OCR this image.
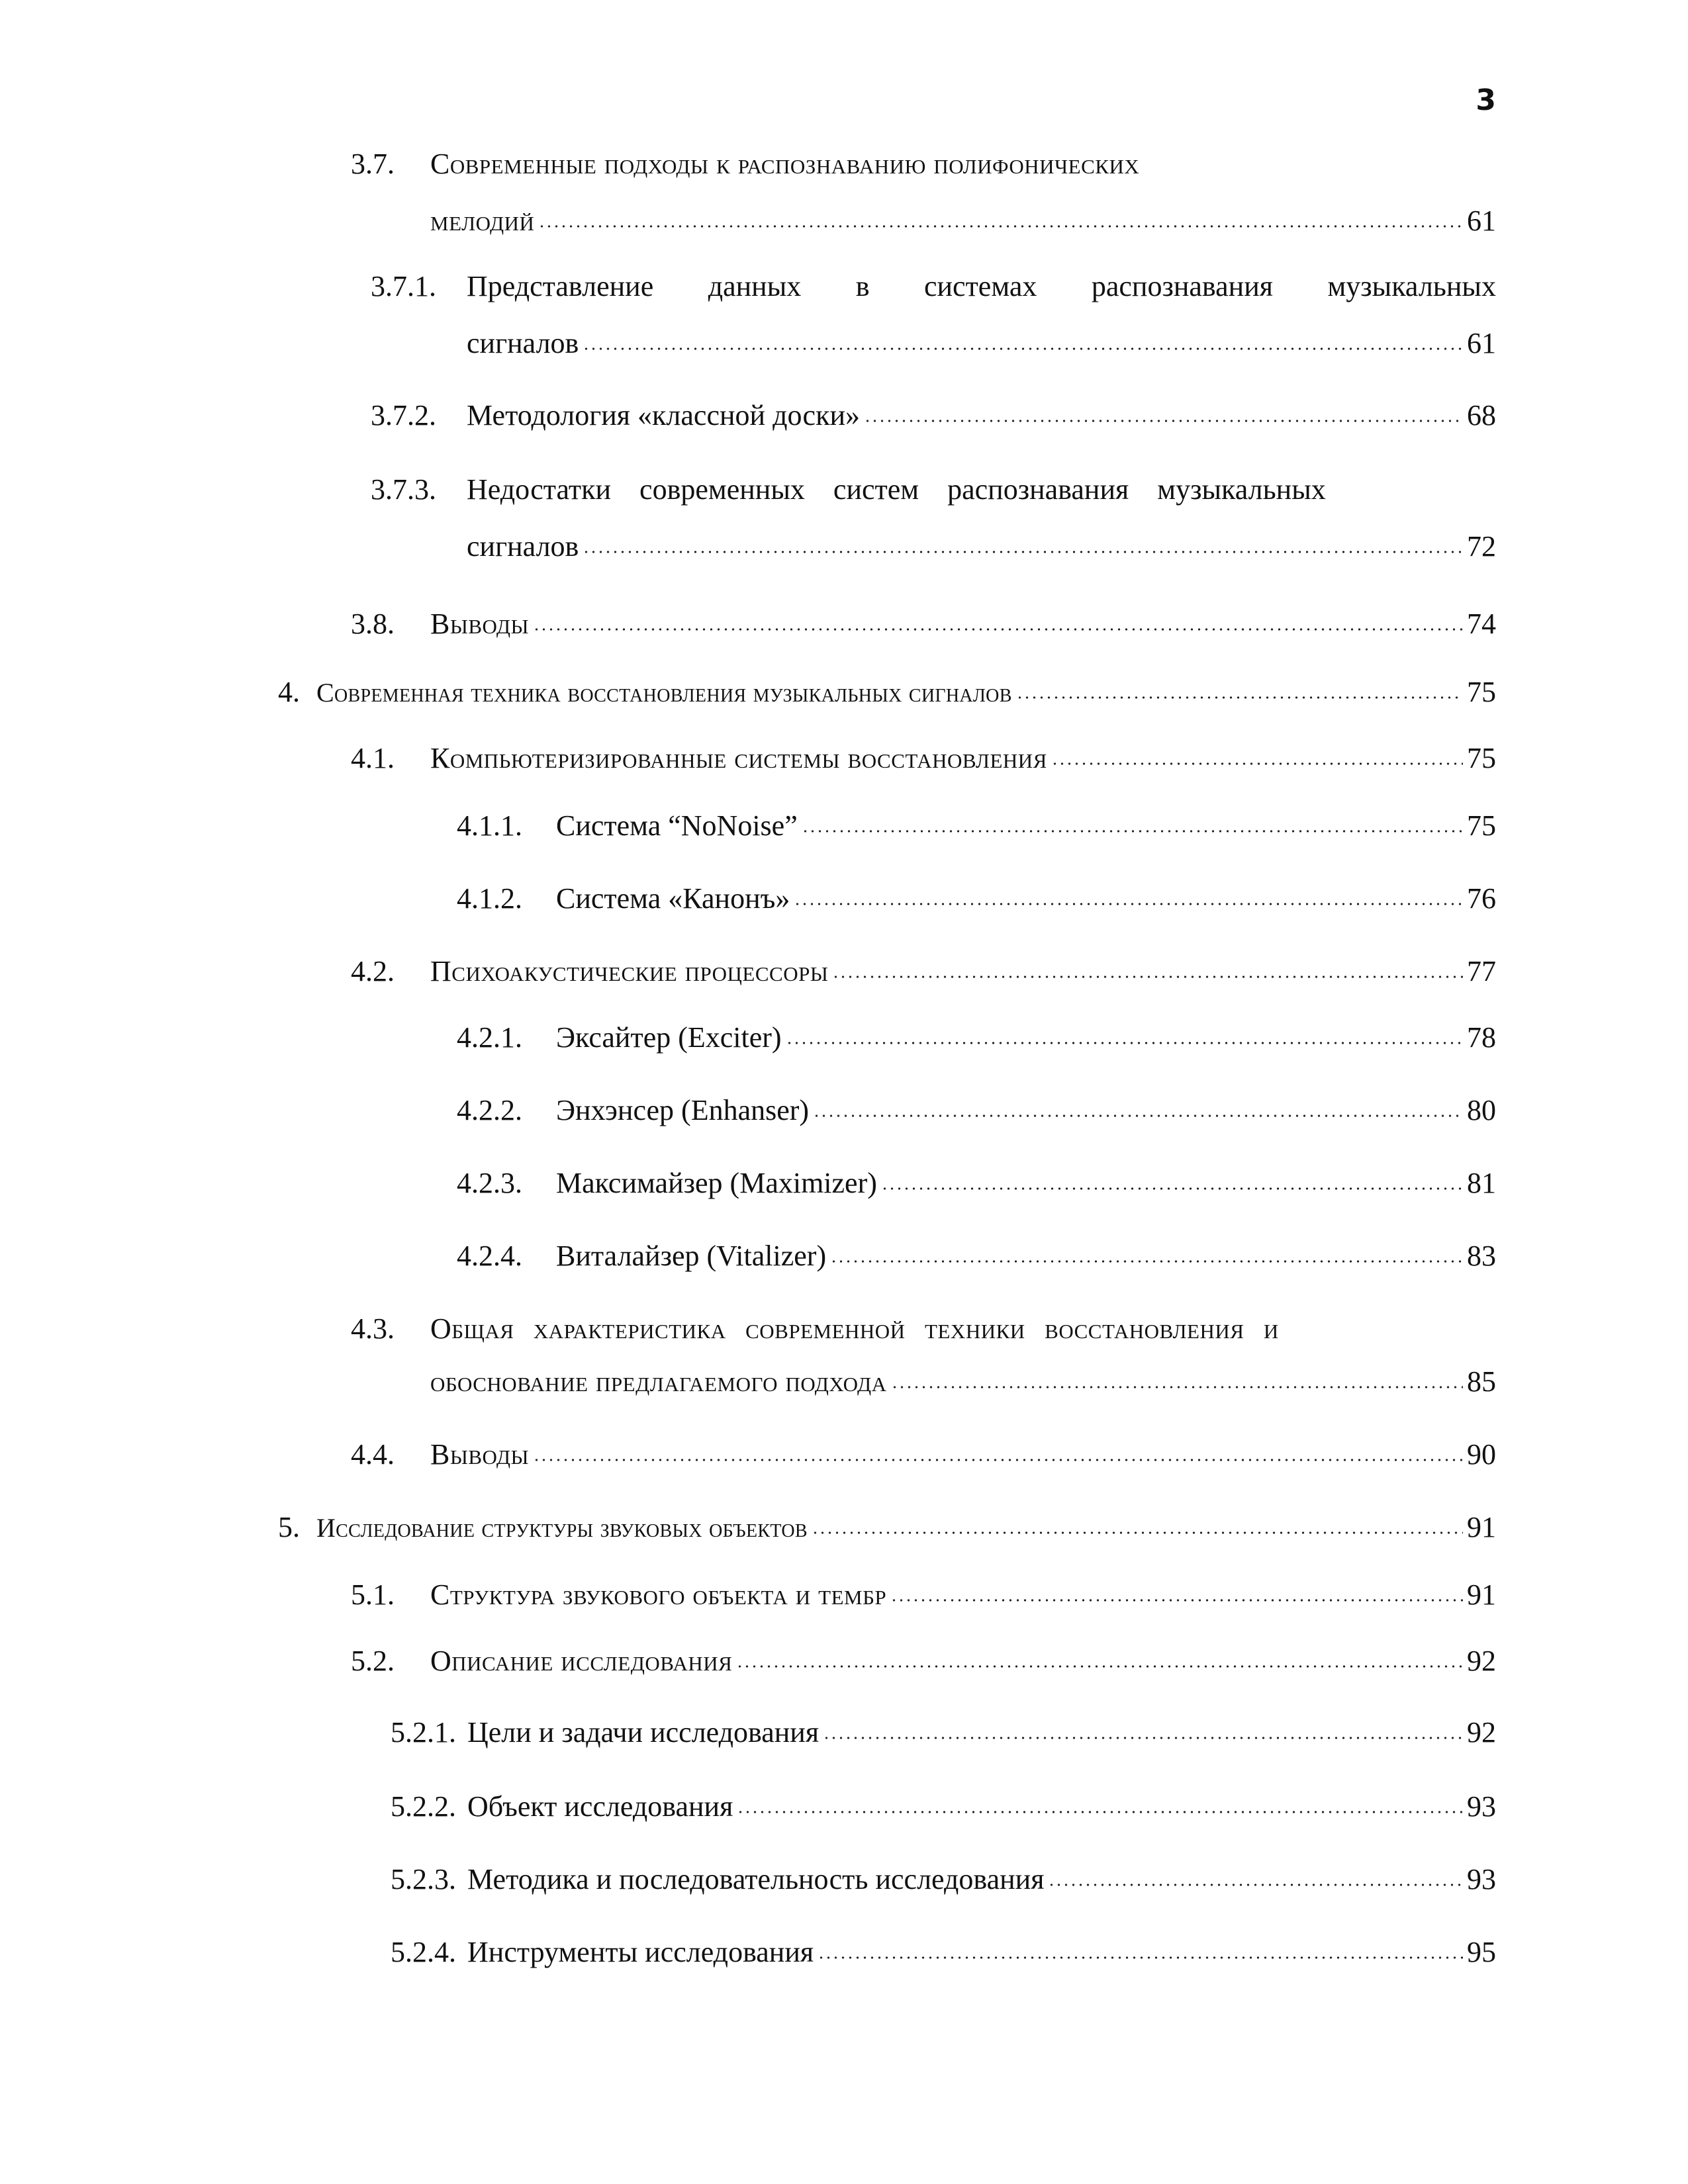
3
3.7. Современные подходы к распознаванию полифонических
мелодий	61
3.7.1. Представление данных в системах распознавания музыкальных
сигналов	61
3.7.2. Методология «классной доски»	68
3.7.3. Недостатки современных систем распознавания музыкальных
сигналов	72
3.8. Выводы	74
4. Современная техника восстановления музыкальных сигналов	75
4.1. Компьютеризированные системы восстановления	75
4.1.1. Система “NoNoise”	75
4.1.2. Система «Канонъ»	76
4.2. Психоакустические процессоры	77
4.2.1. Эксайтер (Exciter)	78
4.2.2. Энхэнсер (Enhanser)	80
4.2.3. Максимайзер (Maximizer)	81
4.2.4. Виталайзер (Vitalizer)	83
4.3. Общая характеристика современной техники восстановления и
обоснование предлагаемого подхода	85
4.4. Выводы	90
5. Исследование структуры звуковых объектов	91
5.1. Структура звукового объекта и тембр	91
5.2. Описание исследования	92
5.2.1. Цели и задачи исследования	92
5.2.2. Объект исследования	93
5.2.3. Методика и последовательность исследования	93
5.2.4. Инструменты исследования	95
